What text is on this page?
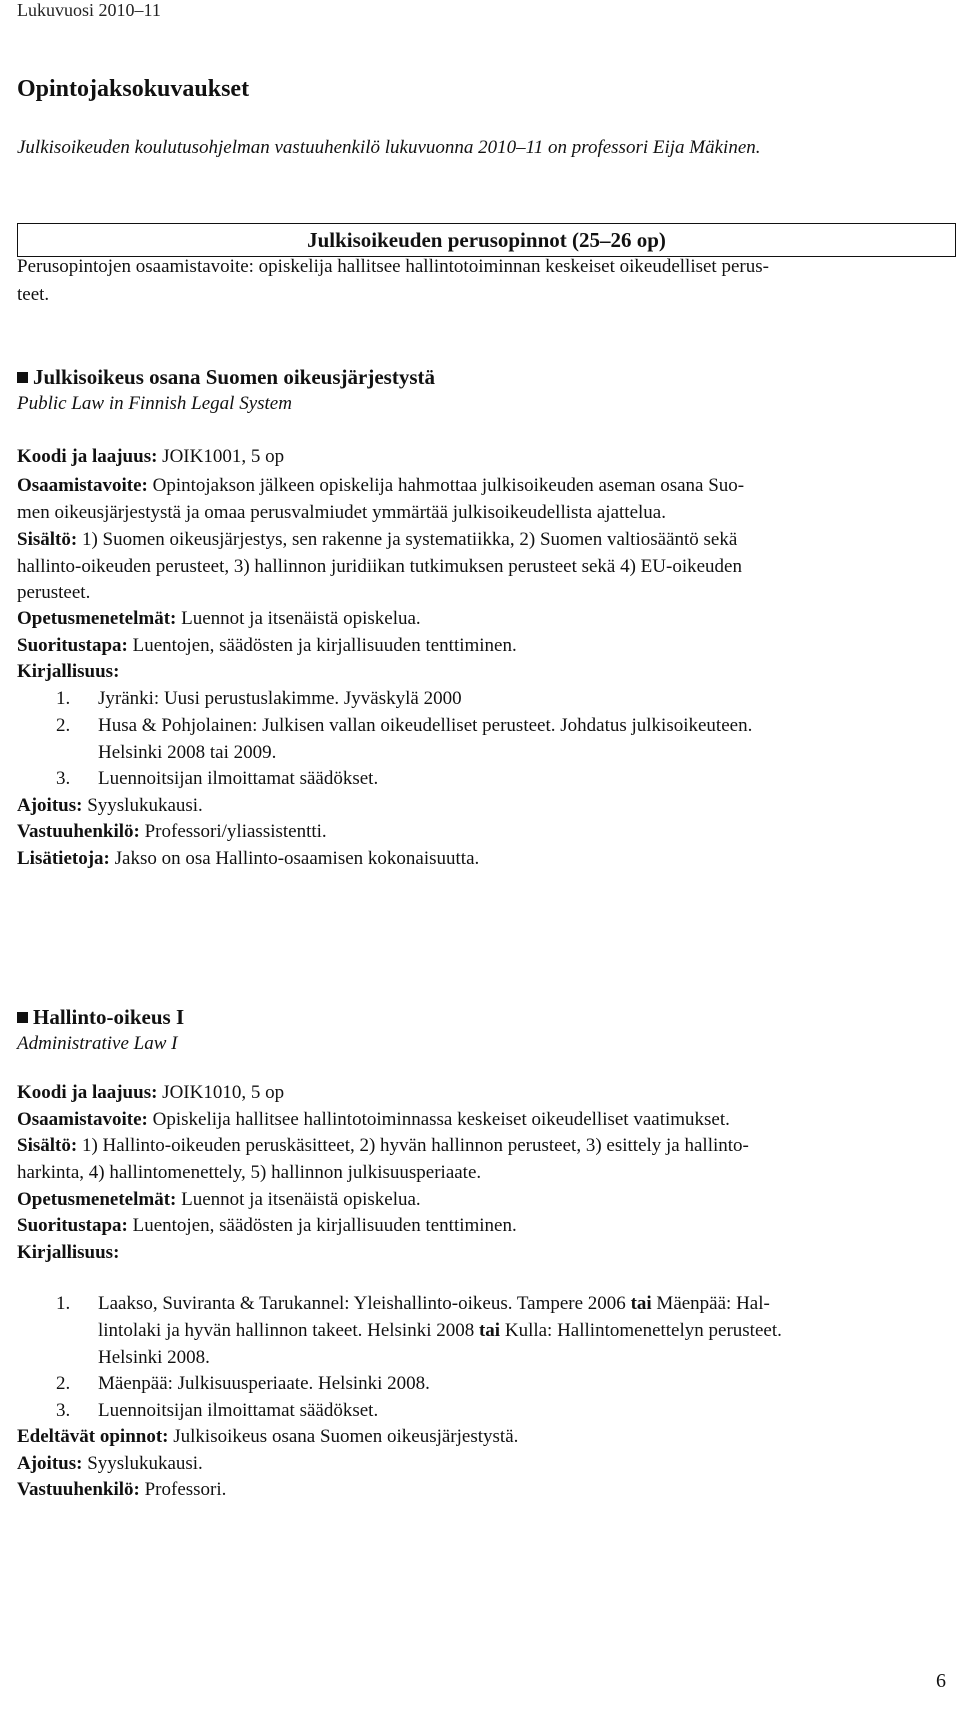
Lukuvuosi 2010–11
Opintojaksokuvaukset
Julkisoikeuden koulutusohjelman vastuuhenkilö lukuvuonna 2010–11 on professori Eija Mäkinen.
Julkisoikeuden perusopinnot (25–26 op)
Perusopintojen osaamistavoite: opiskelija hallitsee hallintotoiminnan keskeiset oikeudelliset perus-
teet.
Julkisoikeus osana Suomen oikeusjärjestystä
Public Law in Finnish Legal System
Koodi ja laajuus: JOIK1001, 5 op
Osaamistavoite: Opintojakson jälkeen opiskelija hahmottaa julkisoikeuden aseman osana Suo-
men oikeusjärjestystä ja omaa perusvalmiudet ymmärtää julkisoikeudellista ajattelua.
Sisältö: 1) Suomen oikeusjärjestys, sen rakenne ja systematiikka, 2) Suomen valtiosääntö sekä
hallinto-oikeuden perusteet, 3) hallinnon juridiikan tutkimuksen perusteet sekä 4) EU-oikeuden
perusteet.
Opetusmenetelmät: Luennot ja itsenäistä opiskelua.
Suoritustapa: Luentojen, säädösten ja kirjallisuuden tenttiminen.
Kirjallisuus:
1. Jyränki: Uusi perustuslakimme. Jyväskylä 2000
2. Husa & Pohjolainen: Julkisen vallan oikeudelliset perusteet. Johdatus julkisoikeuteen.
Helsinki 2008 tai 2009.
3. Luennoitsijan ilmoittamat säädökset.
Ajoitus: Syyslukukausi.
Vastuuhenkilö: Professori/yliassistentti.
Lisätietoja: Jakso on osa Hallinto-osaamisen kokonaisuutta.
Hallinto-oikeus I
Administrative Law I
Koodi ja laajuus: JOIK1010, 5 op
Osaamistavoite: Opiskelija hallitsee hallintotoiminnassa keskeiset oikeudelliset vaatimukset.
Sisältö: 1) Hallinto-oikeuden peruskäsitteet, 2) hyvän hallinnon perusteet, 3) esittely ja hallinto-
harkinta, 4) hallintomenettely, 5) hallinnon julkisuusperiaate.
Opetusmenetelmät: Luennot ja itsenäistä opiskelua.
Suoritustapa: Luentojen, säädösten ja kirjallisuuden tenttiminen.
Kirjallisuus:
1. Laakso, Suviranta & Tarukannel: Yleishallinto-oikeus. Tampere 2006 tai Mäenpää: Hal-
lintolaki ja hyvän hallinnon takeet. Helsinki 2008 tai Kulla: Hallintomenettelyn perusteet.
Helsinki 2008.
2. Mäenpää: Julkisuusperiaate. Helsinki 2008.
3. Luennoitsijan ilmoittamat säädökset.
Edeltävät opinnot: Julkisoikeus osana Suomen oikeusjärjestystä.
Ajoitus: Syyslukukausi.
Vastuuhenkilö: Professori.
6
